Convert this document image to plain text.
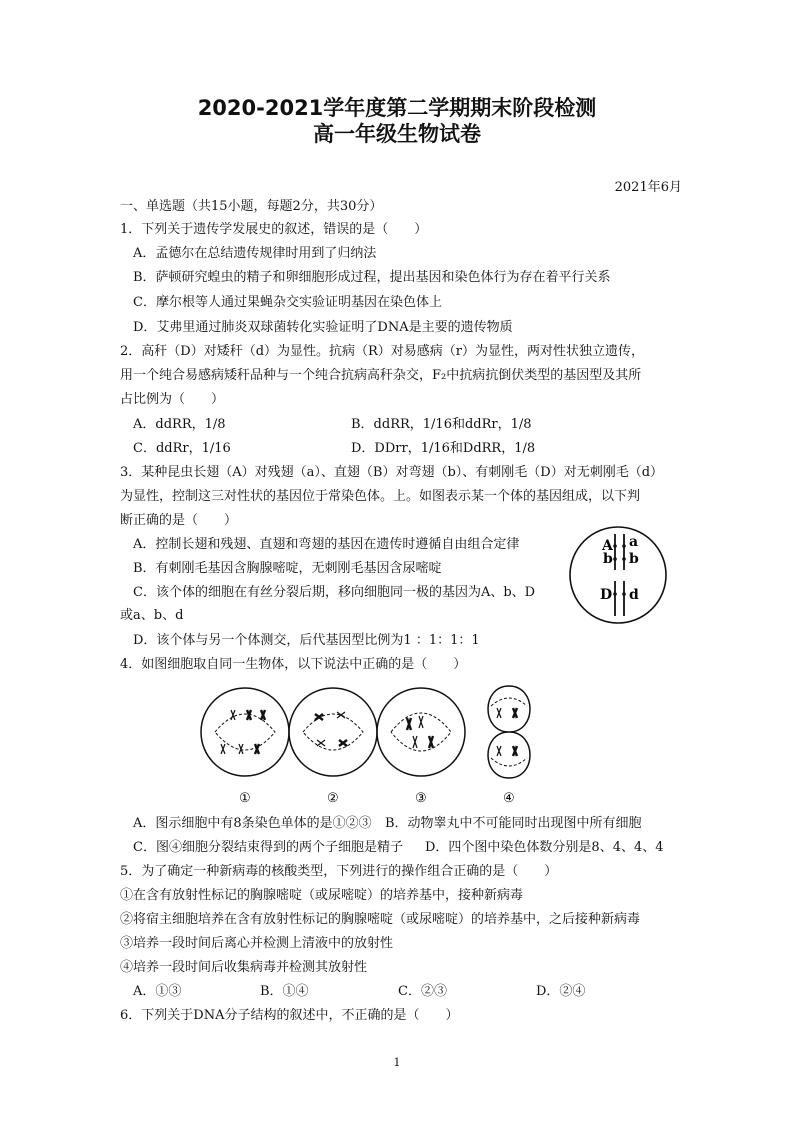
2020-2021学年度第二学期期末阶段检测
高一年级生物试卷
2021年6月
一、单选题（共15小题，每题2分，共30分）
1．下列关于遗传学发展史的叙述，错误的是（　　）
A．孟德尔在总结遗传规律时用到了归纳法
B．萨顿研究蝗虫的精子和卵细胞形成过程，提出基因和染色体行为存在着平行关系
C．摩尔根等人通过果蝇杂交实验证明基因在染色体上
D．艾弗里通过肺炎双球菌转化实验证明了DNA是主要的遗传物质
2．高秆（D）对矮秆（d）为显性。抗病（R）对易感病（r）为显性，两对性状独立遗传，
用一个纯合易感病矮秆品种与一个纯合抗病高秆杂交，F₂中抗病抗倒伏类型的基因型及其所
占比例为（　　）
A．ddRR，1/8	B．ddRR，1/16和ddRr，1/8
C．ddRr，1/16	D．DDrr，1/16和DdRR，1/8
3．某种昆虫长翅（A）对残翅（a）、直翅（B）对弯翅（b）、有刺刚毛（D）对无刺刚毛（d）
为显性，控制这三对性状的基因位于常染色体。上。如图表示某一个体的基因组成，以下判
断正确的是（　　）
A．控制长翅和残翅、直翅和弯翅的基因在遗传时遵循自由组合定律
B．有刺刚毛基因含胸腺嘧啶，无刺刚毛基因含尿嘧啶
C．该个体的细胞在有丝分裂后期，移向细胞同一极的基因为A、b、D
或a、b、d
D．该个体与另一个体测交，后代基因型比例为1 ：1：1：1
A a
b b
D d
4．如图细胞取自同一生物体，以下说法中正确的是（　　）
①	②	③	④
A．图示细胞中有8条染色单体的是①②③ B．动物睾丸中不可能同时出现图中所有细胞
C．图④细胞分裂结束得到的两个子细胞是精子 D．四个图中染色体数分别是8、4、4、4
5．为了确定一种新病毒的核酸类型，下列进行的操作组合正确的是（　　）
①在含有放射性标记的胸腺嘧啶（或尿嘧啶）的培养基中，接种新病毒
②将宿主细胞培养在含有放射性标记的胸腺嘧啶（或尿嘧啶）的培养基中，之后接种新病毒
③培养一段时间后离心并检测上清液中的放射性
④培养一段时间后收集病毒并检测其放射性
A．①③	B．①④	C．②③	D．②④
6．下列关于DNA分子结构的叙述中，不正确的是（　　）
1
